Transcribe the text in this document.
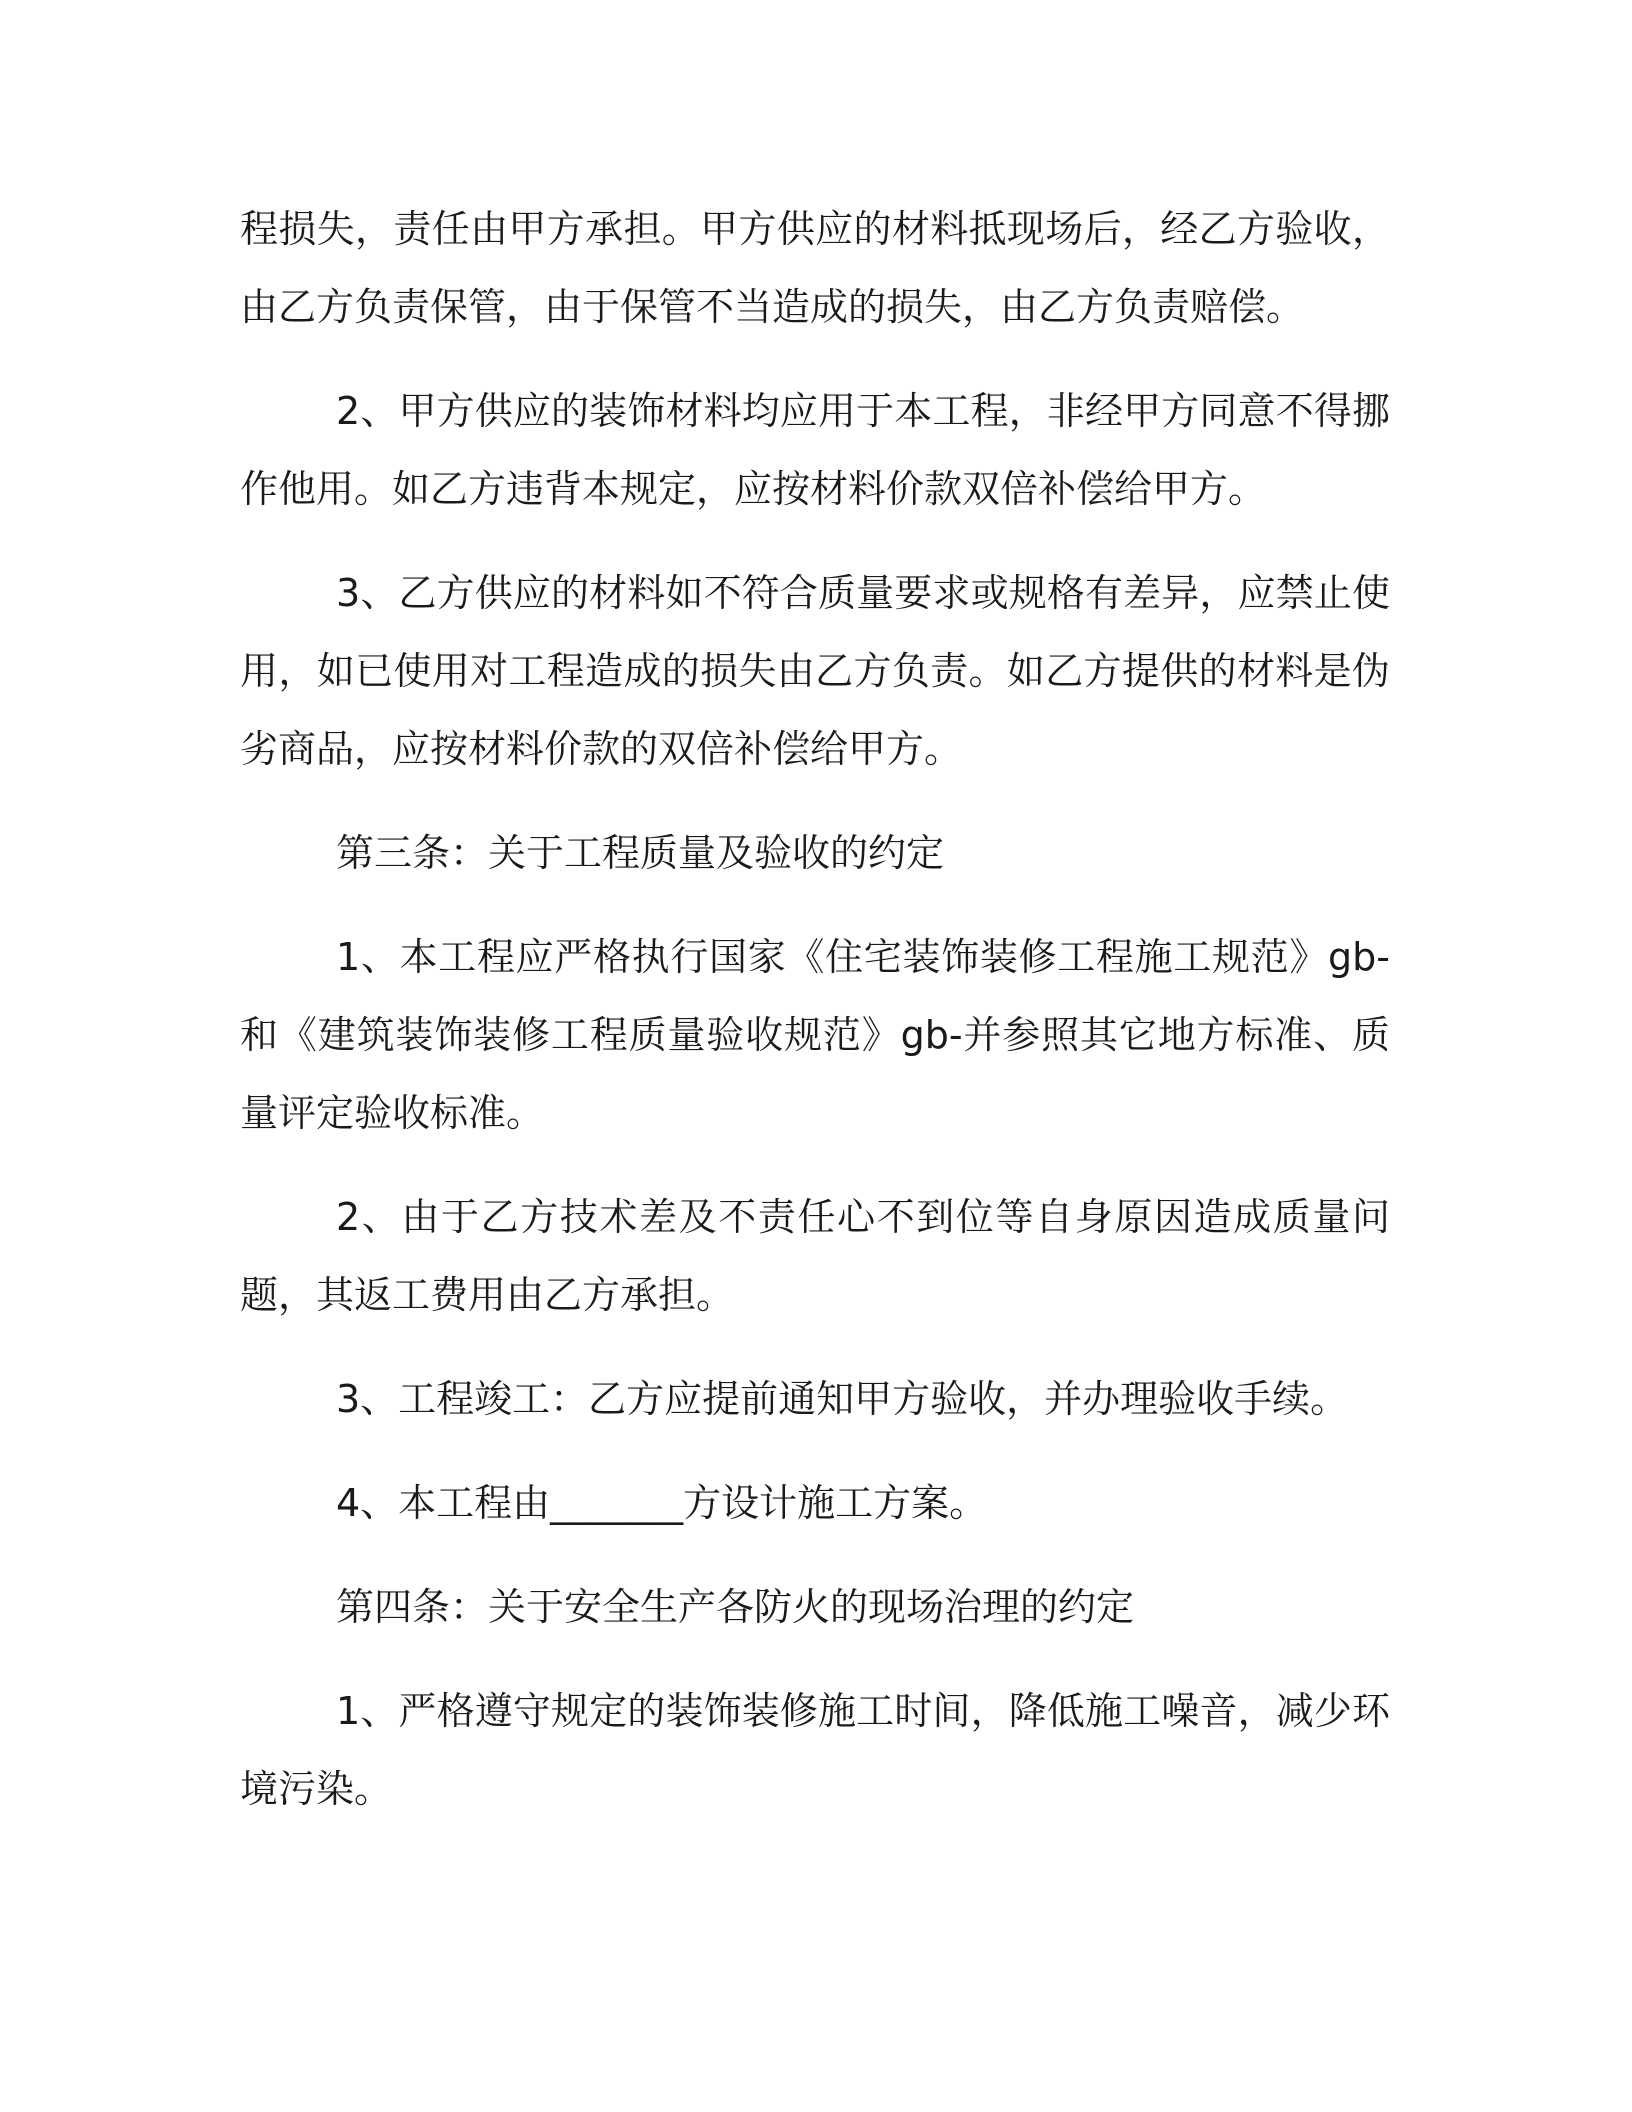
程损失，责任由甲方承担。甲方供应的材料抵现场后，经乙方验收，由乙方负责保管，由于保管不当造成的损失，由乙方负责赔偿。

2、甲方供应的装饰材料均应用于本工程，非经甲方同意不得挪作他用。如乙方违背本规定，应按材料价款双倍补偿给甲方。

3、乙方供应的材料如不符合质量要求或规格有差异，应禁止使用，如已使用对工程造成的损失由乙方负责。如乙方提供的材料是伪劣商品，应按材料价款的双倍补偿给甲方。

第三条：关于工程质量及验收的约定

1、本工程应严格执行国家《住宅装饰装修工程施工规范》gb-和《建筑装饰装修工程质量验收规范》gb-并参照其它地方标准、质量评定验收标准。

2、由于乙方技术差及不责任心不到位等自身原因造成质量问题，其返工费用由乙方承担。

3、工程竣工：乙方应提前通知甲方验收，并办理验收手续。

4、本工程由_______方设计施工方案。

第四条：关于安全生产各防火的现场治理的约定

1、严格遵守规定的装饰装修施工时间，降低施工噪音，减少环境污染。
